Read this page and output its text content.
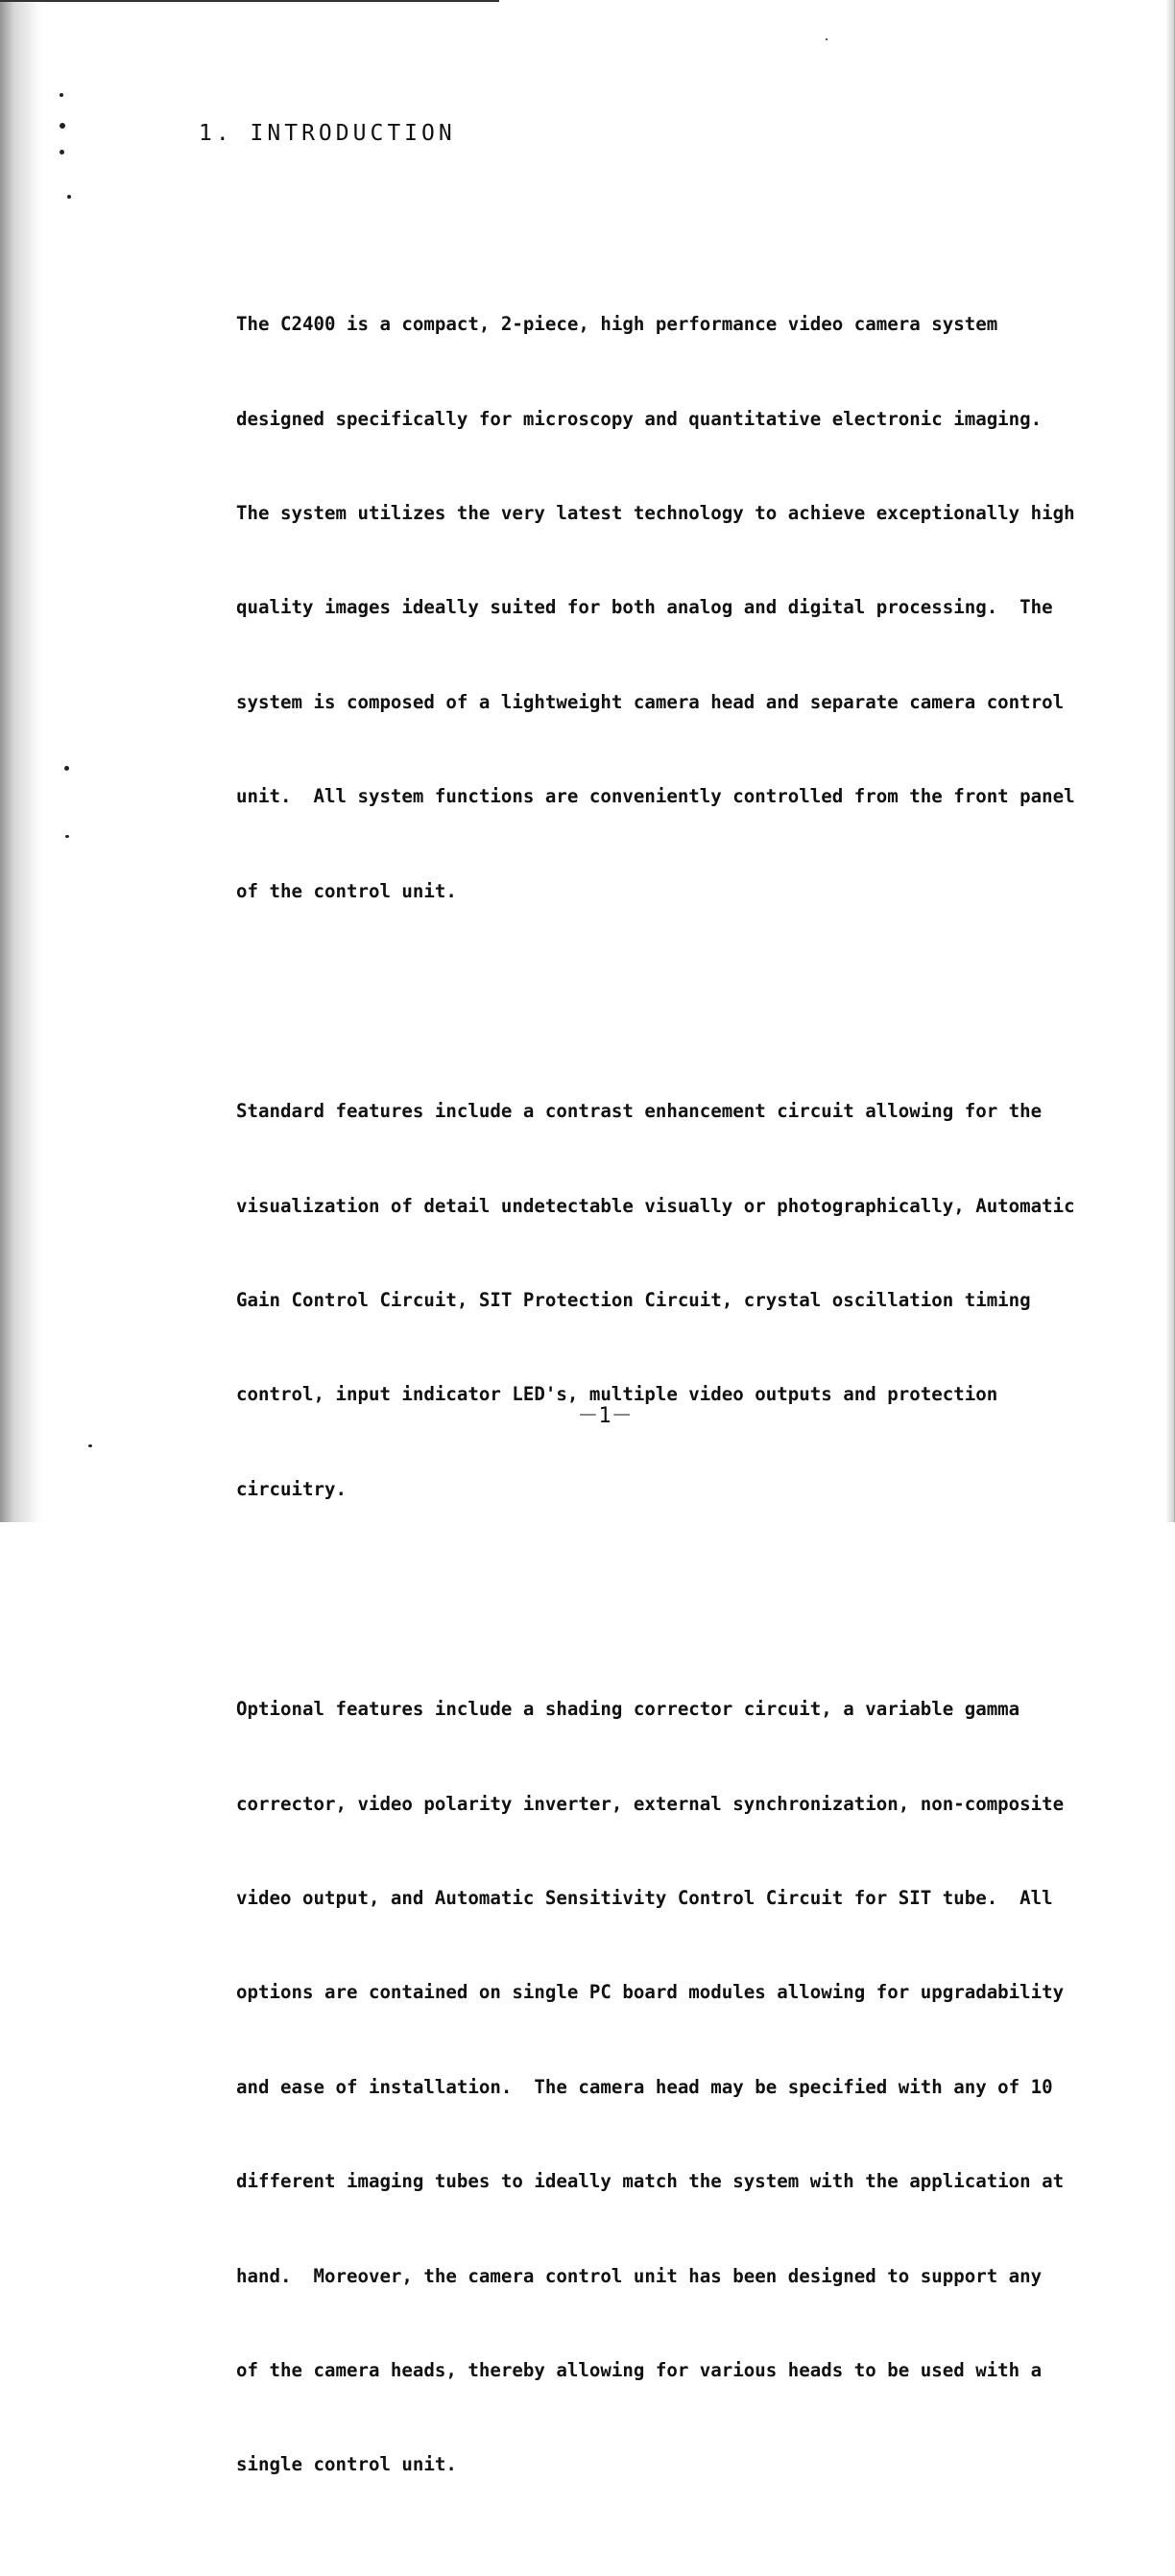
1. INTRODUCTION

The C2400 is a compact, 2-piece, high performance video camera system

designed specifically for microscopy and quantitative electronic imaging.

The system utilizes the very latest technology to achieve exceptionally high

quality images ideally suited for both analog and digital processing.  The

system is composed of a lightweight camera head and separate camera control

unit.  All system functions are conveniently controlled from the front panel

of the control unit.

Standard features include a contrast enhancement circuit allowing for the

visualization of detail undetectable visually or photographically, Automatic

Gain Control Circuit, SIT Protection Circuit, crystal oscillation timing

control, input indicator LED's, multiple video outputs and protection

circuitry.

Optional features include a shading corrector circuit, a variable gamma

corrector, video polarity inverter, external synchronization, non-composite

video output, and Automatic Sensitivity Control Circuit for SIT tube.  All

options are contained on single PC board modules allowing for upgradability

and ease of installation.  The camera head may be specified with any of 10

different imaging tubes to ideally match the system with the application at

hand.  Moreover, the camera control unit has been designed to support any

of the camera heads, thereby allowing for various heads to be used with a

single control unit.

－1－
